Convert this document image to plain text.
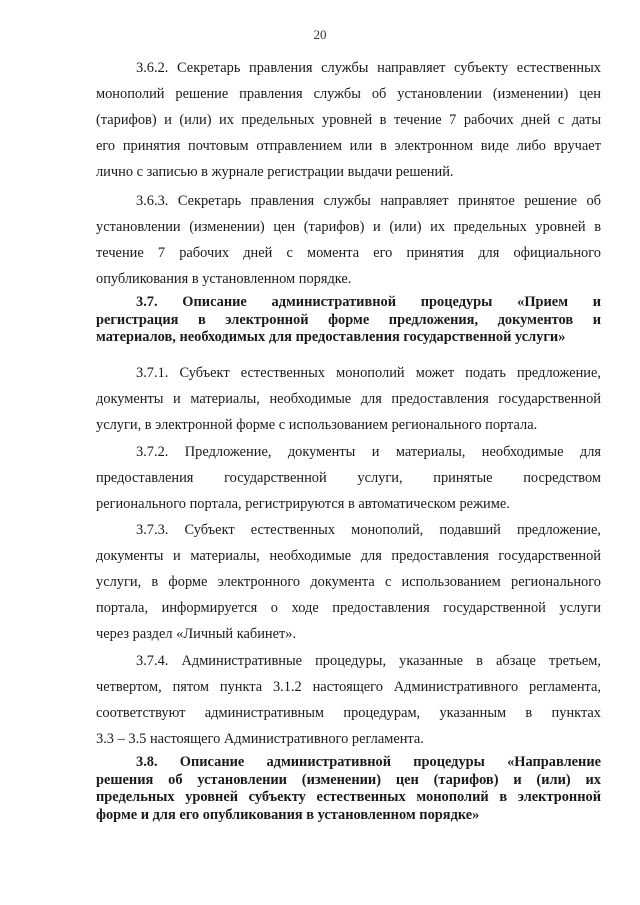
20
3.6.2. Секретарь правления службы направляет субъекту естественных
монополий решение правления службы об установлении (изменении) цен
(тарифов) и (или) их предельных уровней в течение 7 рабочих дней с даты
его принятия почтовым отправлением или в электронном виде либо вручает
лично с записью в журнале регистрации выдачи решений.
3.6.3. Секретарь правления службы направляет принятое решение об
установлении (изменении) цен (тарифов) и (или) их предельных уровней в
течение 7 рабочих дней с момента его принятия для официального
опубликования в установленном порядке.
3.7. Описание административной процедуры «Прием и
регистрация в электронной форме предложения, документов и
материалов, необходимых для предоставления государственной услуги»
3.7.1. Субъект естественных монополий может подать предложение,
документы и материалы, необходимые для предоставления государственной
услуги, в электронной форме с использованием регионального портала.
3.7.2. Предложение, документы и материалы, необходимые для
предоставления государственной услуги, принятые посредством
регионального портала, регистрируются в автоматическом режиме.
3.7.3. Субъект естественных монополий, подавший предложение,
документы и материалы, необходимые для предоставления государственной
услуги, в форме электронного документа с использованием регионального
портала, информируется о ходе предоставления государственной услуги
через раздел «Личный кабинет».
3.7.4. Административные процедуры, указанные в абзаце третьем,
четвертом, пятом пункта 3.1.2 настоящего Административного регламента,
соответствуют административным процедурам, указанным в пунктах
3.3 – 3.5 настоящего Административного регламента.
3.8. Описание административной процедуры «Направление
решения об установлении (изменении) цен (тарифов) и (или) их
предельных уровней субъекту естественных монополий в электронной
форме и для его опубликования в установленном порядке»
